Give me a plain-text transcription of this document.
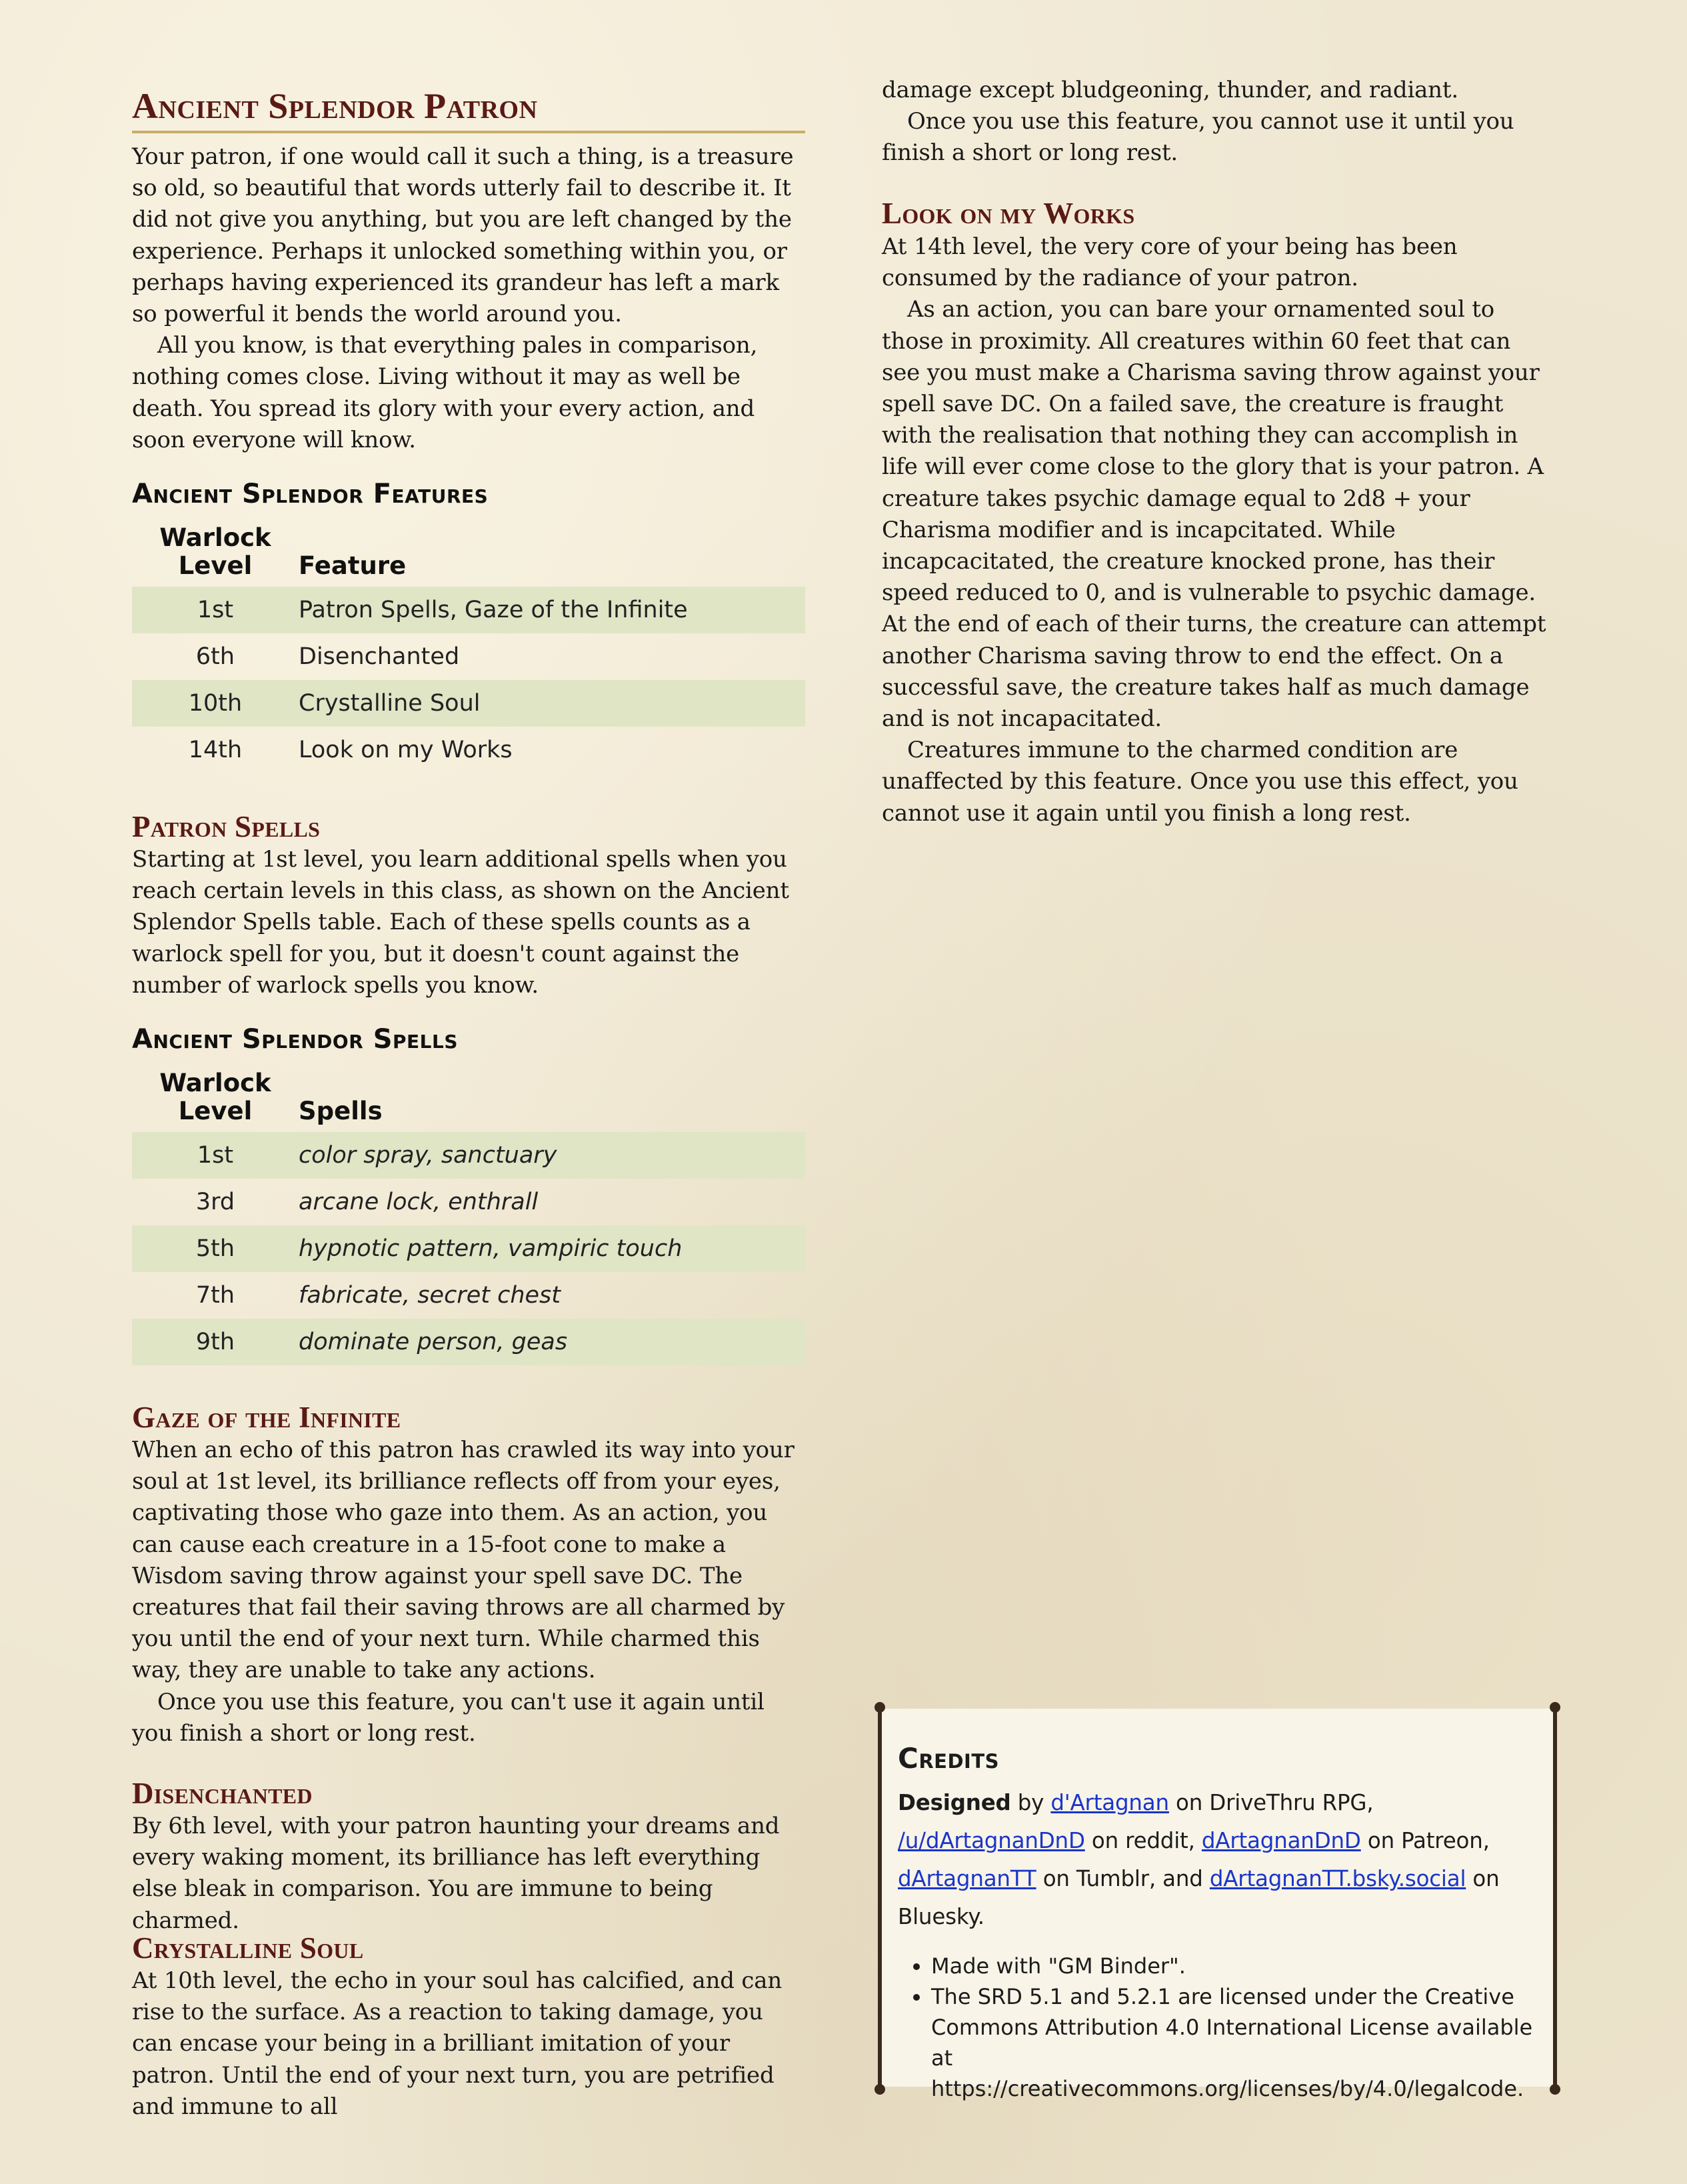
Ancient Splendor Patron

Your patron, if one would call it such a thing, is a treasure so old, so beautiful that words utterly fail to describe it. It did not give you anything, but you are left changed by the experience. Perhaps it unlocked something within you, or perhaps having experienced its grandeur has left a mark so powerful it bends the world around you.

All you know, is that everything pales in comparison, nothing comes close. Living without it may as well be death. You spread its glory with your every action, and soon everyone will know.

Ancient Splendor Features
Warlock
Level	Feature
1st	Patron Spells, Gaze of the Infinite
6th	Disenchanted
10th	Crystalline Soul
14th	Look on my Works
Patron Spells

Starting at 1st level, you learn additional spells when you reach certain levels in this class, as shown on the Ancient Splendor Spells table. Each of these spells counts as a warlock spell for you, but it doesn't count against the number of warlock spells you know.

Ancient Splendor Spells
Warlock
Level	Spells
1st	color spray, sanctuary
3rd	arcane lock, enthrall
5th	hypnotic pattern, vampiric touch
7th	fabricate, secret chest
9th	dominate person, geas
Gaze of the Infinite

When an echo of this patron has crawled its way into your soul at 1st level, its brilliance reflects off from your eyes, captivating those who gaze into them. As an action, you can cause each creature in a 15-foot cone to make a Wisdom saving throw against your spell save DC. The creatures that fail their saving throws are all charmed by you until the end of your next turn. While charmed this way, they are unable to take any actions.

Once you use this feature, you can't use it again until you finish a short or long rest.

Disenchanted

By 6th level, with your patron haunting your dreams and every waking moment, its brilliance has left everything else bleak in comparison. You are immune to being charmed.

Crystalline Soul

At 10th level, the echo in your soul has calcified, and can rise to the surface. As a reaction to taking damage, you can encase your being in a brilliant imitation of your patron. Until the end of your next turn, you are petrified and immune to all

damage except bludgeoning, thunder, and radiant.

Once you use this feature, you cannot use it until you finish a short or long rest.

Look on my Works

At 14th level, the very core of your being has been consumed by the radiance of your patron.

As an action, you can bare your ornamented soul to those in proximity. All creatures within 60 feet that can see you must make a Charisma saving throw against your spell save DC. On a failed save, the creature is fraught with the realisation that nothing they can accomplish in life will ever come close to the glory that is your patron. A creature takes psychic damage equal to 2d8 + your Charisma modifier and is incapcitated. While incapcacitated, the creature knocked prone, has their speed reduced to 0, and is vulnerable to psychic damage. At the end of each of their turns, the creature can attempt another Charisma saving throw to end the effect. On a successful save, the creature takes half as much damage and is not incapacitated.

Creatures immune to the charmed condition are unaffected by this feature. Once you use this effect, you cannot use it again until you finish a long rest.

Credits

Designed by d'Artagnan on DriveThru RPG, /u/dArtagnanDnD on reddit, dArtagnanDnD on Patreon, dArtagnanTT on Tumblr, and dArtagnanTT.bsky.social on Bluesky.

• Made with "GM Binder".
• The SRD 5.1 and 5.2.1 are licensed under the Creative Commons Attribution 4.0 International License available at https://creativecommons.org/licenses/by/4.0/legalcode.
